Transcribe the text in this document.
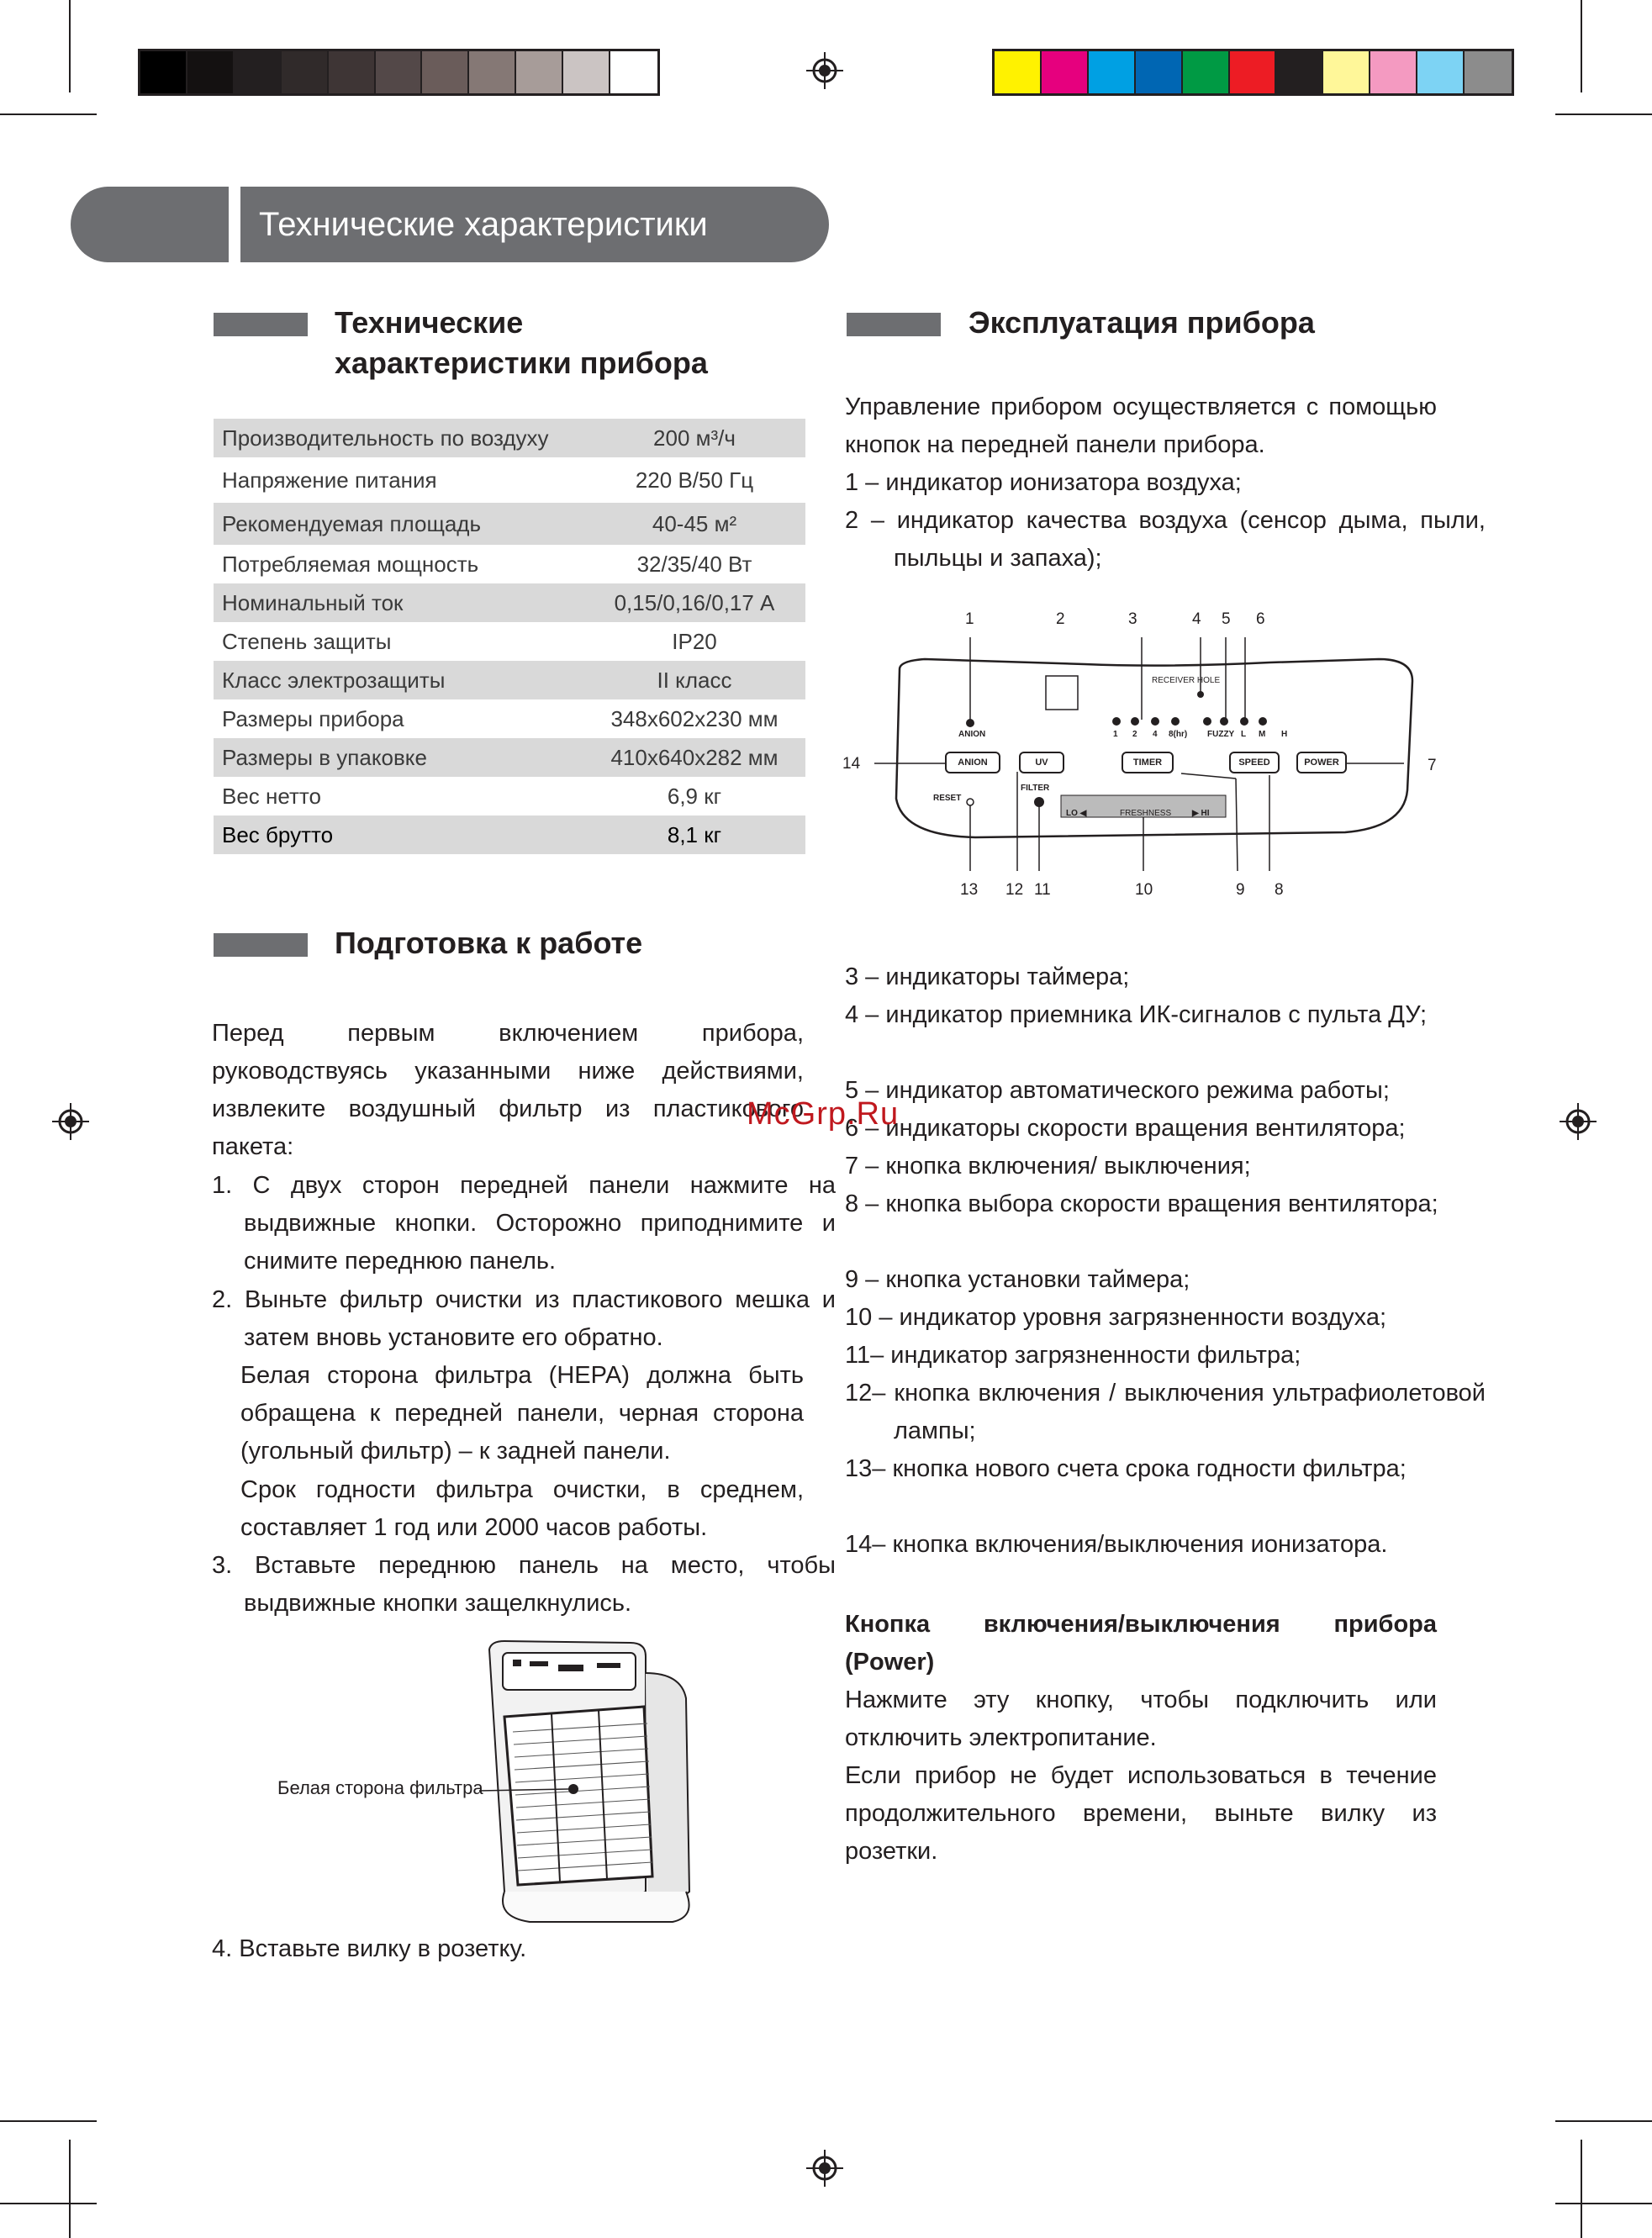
Технические характеристики
Технические
характеристики прибора
Производительность по воздуху	200 м³/ч
Напряжение питания	220 В/50 Гц
Рекомендуемая площадь	40-45 м²
Потребляемая мощность	32/35/40 Вт
Номинальный ток	0,15/0,16/0,17 А
Степень защиты	IP20
Класс электрозащиты	II класс
Размеры прибора	348x602x230 мм
Размеры в упаковке	410x640x282 мм
Вес нетто	6,9 кг
Вес брутто	8,1 кг
Подготовка к работе
Перед первым включением прибора, руководствуясь указанными ниже действиями, извлеките воздушный фильтр из пластикового пакета:
1. С двух сторон передней панели нажмите на выдвижные кнопки. Осторожно приподнимите и снимите переднюю панель.
2. Выньте фильтр очистки из пластикового мешка и затем вновь установите его обратно.
Белая сторона фильтра (НЕРА) должна быть обращена к передней панели, черная сторона (угольный фильтр) – к задней панели.
Срок годности фильтра очистки, в среднем, составляет 1 год или 2000 часов работы.
3. Вставьте переднюю панель на место, чтобы выдвижные кнопки защелкнулись.
Белая сторона фильтра
4. Вставьте вилку в розетку.
Эксплуатация прибора
Управление прибором осуществляется с помощью кнопок на передней панели прибора.
1 – индикатор ионизатора воздуха;
2 – индикатор качества воздуха (сенсор дыма, пыли, пыльцы и запаха);
1	2	3	4 5 6
14	7
13 12 11	10	9 8
RECEIVER HOLE
ANION	1 2 4 8(hr) FUZZY L M H
ANION	UV	TIMER	SPEED	POWER
RESET
FILTER
LO ◀	FRESHNESS ▶ HI
3 – индикаторы таймера;
4 – индикатор приемника ИК-сигналов с пульта ДУ;
5 – индикатор автоматического режима работы;
6 – индикаторы скорости вращения вентилятора;
7 – кнопка включения/ выключения;
8 – кнопка выбора скорости вращения вентилятора;
9 – кнопка установки таймера;
10 – индикатор уровня загрязненности воздуха;
11– индикатор загрязненности фильтра;
12– кнопка включения / выключения ультрафиолетовой лампы;
13– кнопка нового счета срока годности фильтра;
14– кнопка включения/выключения ионизатора.
Кнопка включения/выключения прибора (Power)
Нажмите эту кнопку, чтобы подключить или отключить электропитание.
Если прибор не будет использоваться в течение продолжительного времени, выньте вилку из розетки.
McGrp.Ru
